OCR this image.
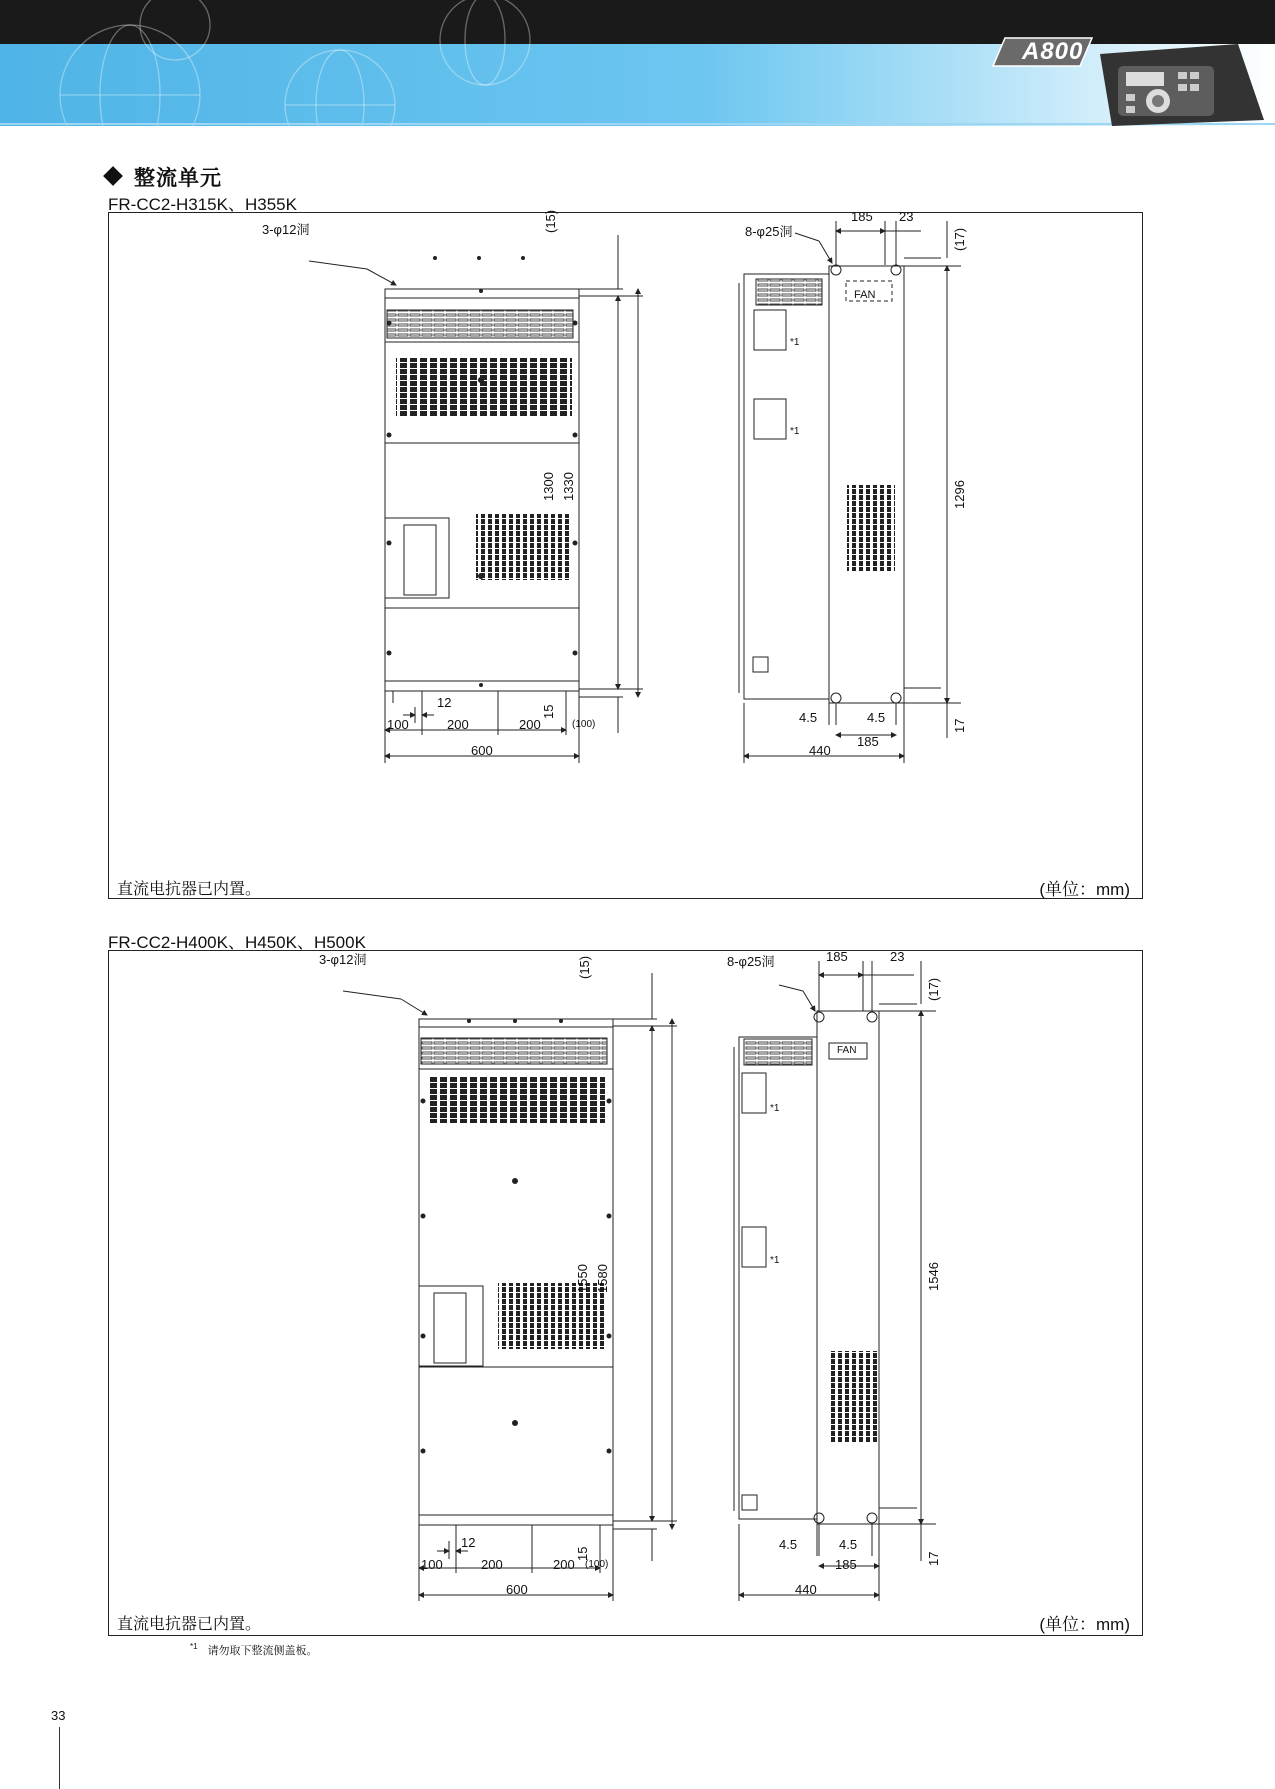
A800
整流单元
FR-CC2-H315K、H355K
3-φ12洞	8-φ25洞
FAN
*1
*1
(15)
1300 1330
15
12
100	200	200	(100)
600
185 23
(17)
1296
4.5	4.5
185
17
440
直流电抗器已内置。	(单位：mm)
FR-CC2-H400K、H450K、H500K
3-φ12洞	8-φ25洞
FAN
*1
*1
(15)
1550 1580
15
12
100	200	200 (100)
600
185	23
(17)
1546
4.5	4.5
185	17
440
直流电抗器已内置。	(单位：mm)
$^{*1}$ 请勿取下整流侧盖板。
33
